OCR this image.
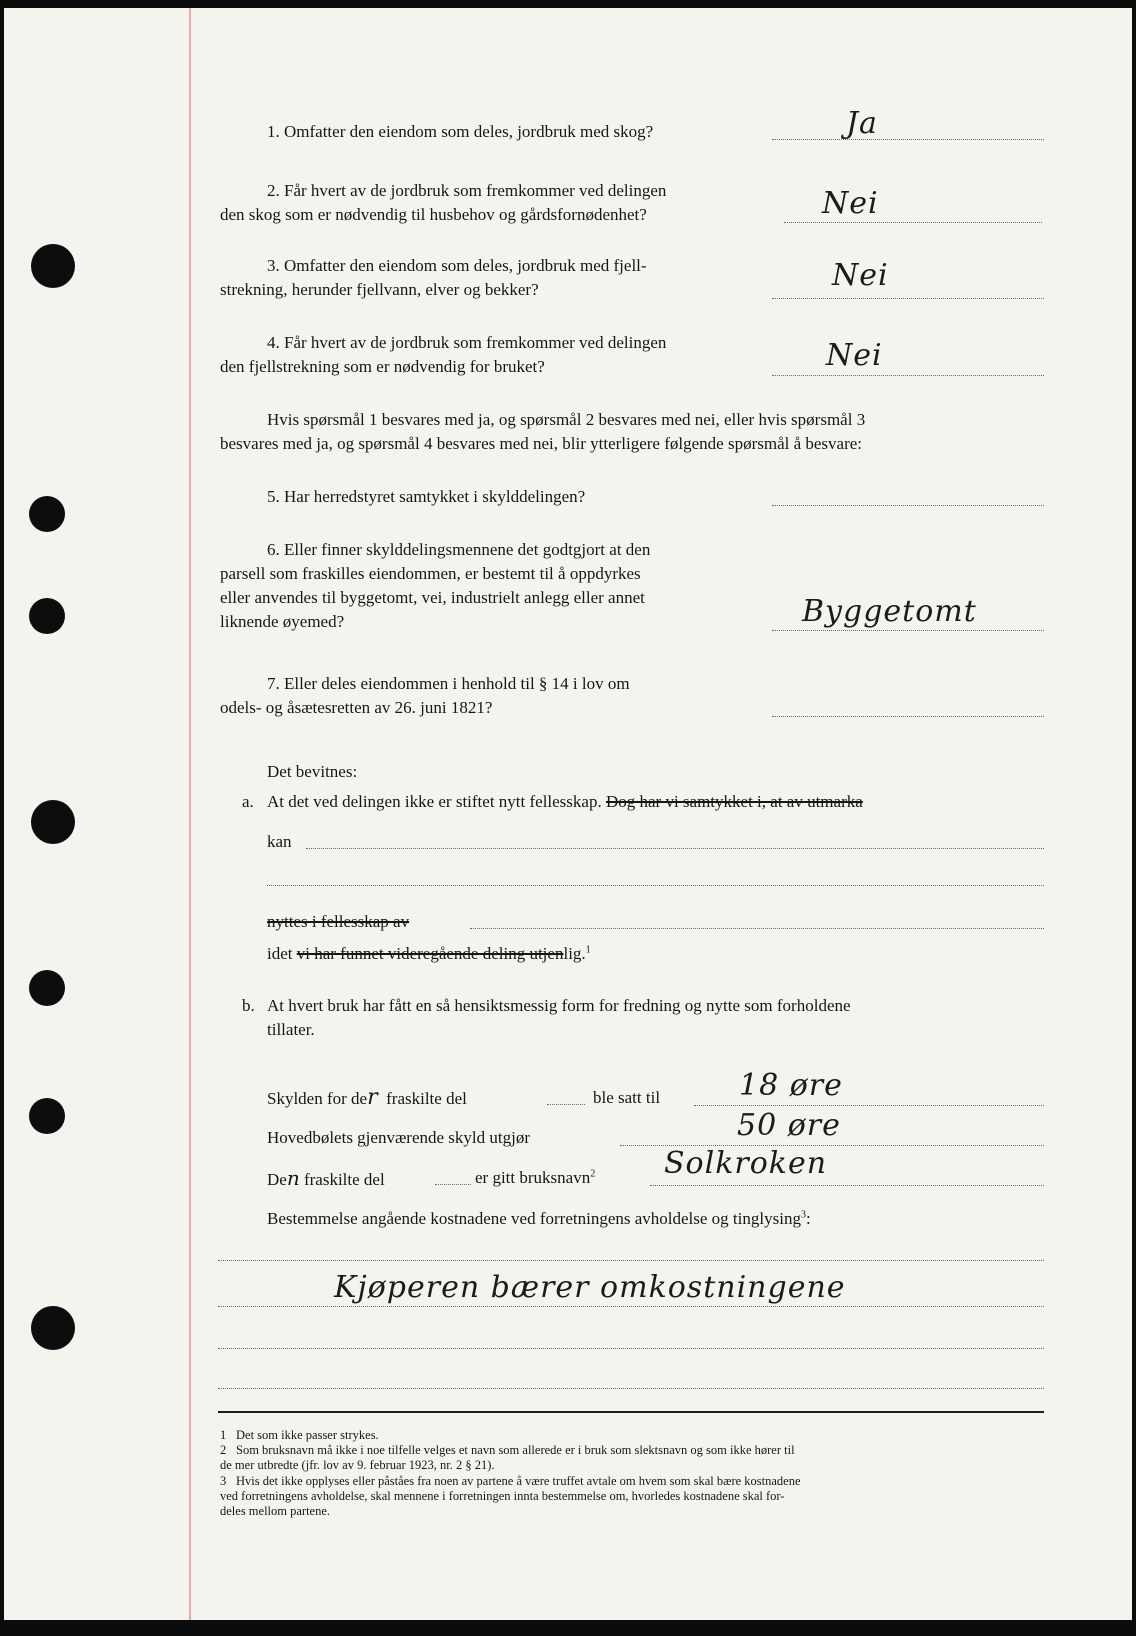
1. Omfatter den eiendom som deles, jordbruk med skog?	Ja
2. Får hvert av de jordbruk som fremkommer ved delingen
den skog som er nødvendig til husbehov og gårdsfornødenhet?	Nei
3. Omfatter den eiendom som deles, jordbruk med fjell-
strekning, herunder fjellvann, elver og bekker?	Nei
4. Får hvert av de jordbruk som fremkommer ved delingen
den fjellstrekning som er nødvendig for bruket?	Nei
Hvis spørsmål 1 besvares med ja, og spørsmål 2 besvares med nei, eller hvis spørsmål 3
besvares med ja, og spørsmål 4 besvares med nei, blir ytterligere følgende spørsmål å besvare:
5. Har herredstyret samtykket i skylddelingen?
6. Eller finner skylddelingsmennene det godtgjort at den
parsell som fraskilles eiendommen, er bestemt til å oppdyrkes
eller anvendes til byggetomt, vei, industrielt anlegg eller annet
liknende øyemed?	Byggetomt
7. Eller deles eiendommen i henhold til § 14 i lov om
odels- og åsætesretten av 26. juni 1821?
Det bevitnes:
a. At det ved delingen ikke er stiftet nytt fellesskap. Dog har vi samtykket i, at av utmarka
kan
nyttes i fellesskap av
idet vi har funnet videregående deling utjenlig.$^1$
b. At hvert bruk har fått en så hensiktsmessig form for fredning og nytte som forholdene
tillater.
Skylden for der fraskilte del	ble satt til	18 øre
Hovedbølets gjenværende skyld utgjør	50 øre
Den fraskilte del	er gitt bruksnavn$^2$ Solkroken
Bestemmelse angående kostnadene ved forretningens avholdelse og tinglysing$^3$:
Kjøperen bærer omkostningene
1 Det som ikke passer strykes.
2 Som bruksnavn må ikke i noe tilfelle velges et navn som allerede er i bruk som slektsnavn og som ikke hører til
de mer utbredte (jfr. lov av 9. februar 1923, nr. 2 § 21).
3 Hvis det ikke opplyses eller påståes fra noen av partene å være truffet avtale om hvem som skal bære kostnadene
ved forretningens avholdelse, skal mennene i forretningen innta bestemmelse om, hvorledes kostnadene skal for-
deles mellom partene.
